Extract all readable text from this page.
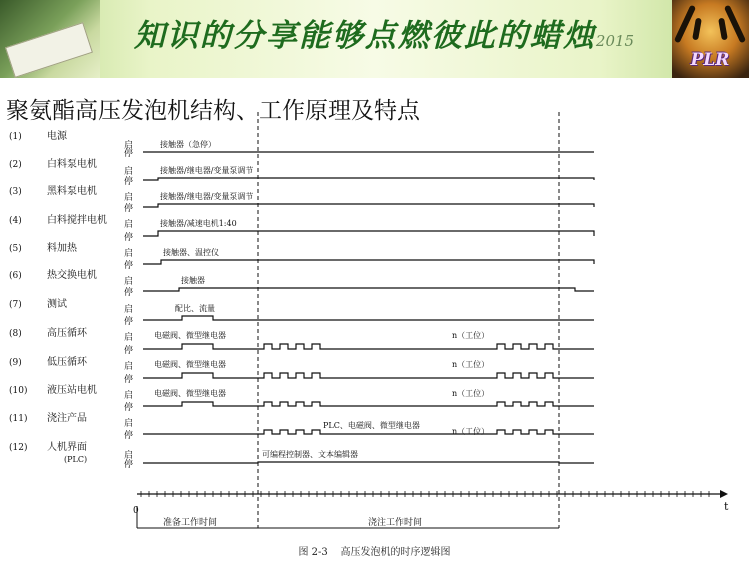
知识的分享能够点燃彼此的蜡烛2015
PLR
聚氨酯高压发泡机结构、工作原理及特点
(1)	电源
启
停
接触器（急停）
(2)	白料泵电机
启
停
接触器/继电器/变量泵调节
(3)	黑料泵电机
启
停
接触器/继电器/变量泵调节
(4)	白料搅拌电机 启
停
接触器/减速电机1:40
(5)	料加热	启
停
接触器、温控仪
(6)	热交换电机
启
停
接触器
(7)	测试	启
停
配比、流量
(8)	高压循环	启
停
电磁阀、微型继电器	n（工位）
(9)	低压循环	启
停
电磁阀、微型继电器	n（工位）
(10) 液压站电机	启
停
电磁阀、微型继电器	n（工位）
(11) 浇注产品	启
停
PLC、电磁阀、微型继电器
n（工位）
(12) 人机界面
(PLC)	启
停
可编程控制器、文本编辑器
0	t
准备工作时间	浇注工作时间
图 2-3    高压发泡机的时序逻辑图
